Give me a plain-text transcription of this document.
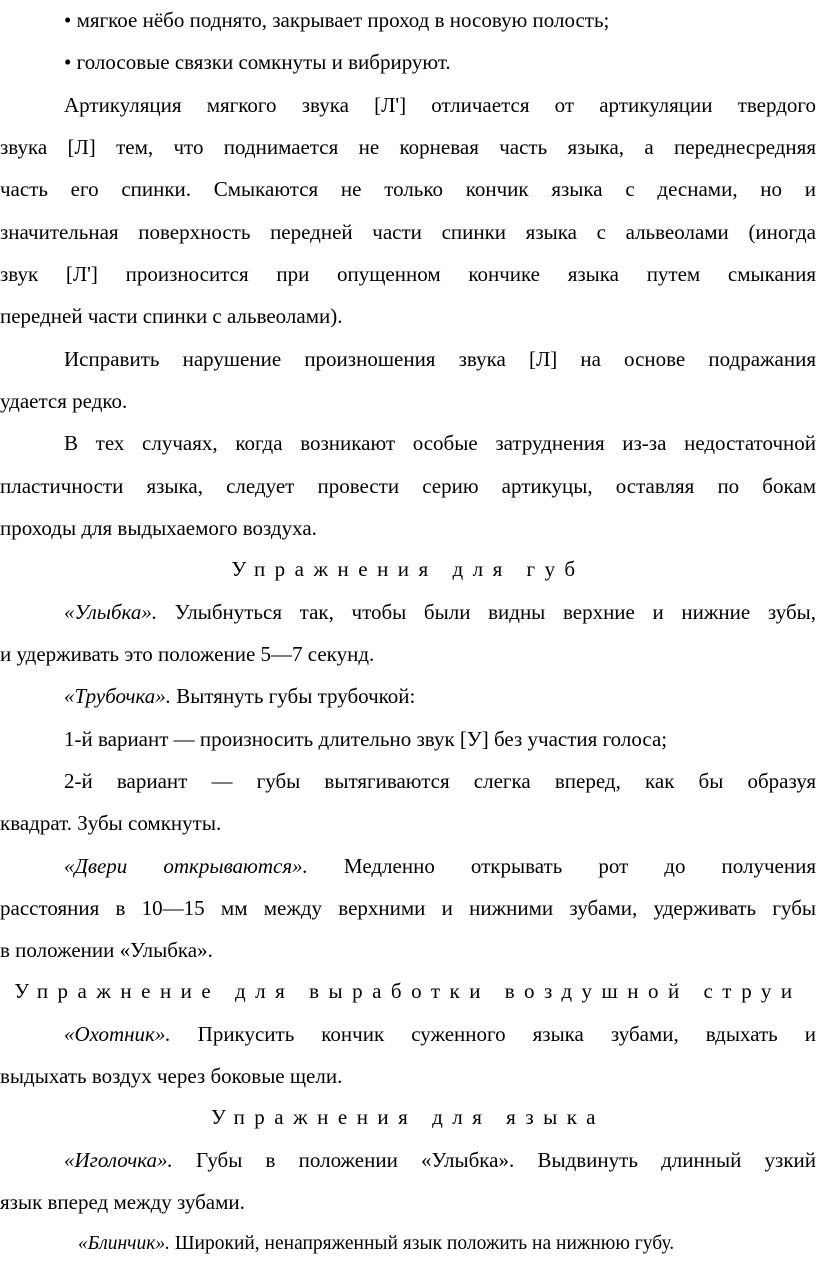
• мягкое нёбо поднято, закрывает проход в носовую полость;
• голосовые связки сомкнуты и вибрируют.
Артикуляция мягкого звука [Л'] отличается от артикуляции твердого
звука [Л] тем, что поднимается не корневая часть языка, а переднесредняя
часть его спинки. Смыкаются не только кончик языка с деснами, но и
значительная поверхность передней части спинки языка с альвеолами (иногда
звук [Л'] произносится при опущенном кончике языка путем смыкания
передней части спинки с альвеолами).
Исправить нарушение произношения звука [Л] на основе подражания
удается редко.
В тех случаях, когда возникают особые затруднения из-за недостаточной
пластичности языка, следует провести серию артикуцы, оставляя по бокам
проходы для выдыхаемого воздуха.
Упражнения для губ
«Улыбка». Улыбнуться так, чтобы были видны верхние и нижние зубы,
и удерживать это положение 5—7 секунд.
«Трубочка». Вытянуть губы трубочкой:
1-й вариант — произносить длительно звук [У] без участия голоса;
2-й вариант — губы вытягиваются слегка вперед, как бы образуя
квадрат. Зубы сомкнуты.
«Двери открываются». Медленно открывать рот до получения
расстояния в 10—15 мм между верхними и нижними зубами, удерживать губы
в положении «Улыбка».
Упражнение для выработки воздушной струи
«Охотник». Прикусить кончик суженного языка зубами, вдыхать и
выдыхать воздух через боковые щели.
Упражнения для языка
«Иголочка». Губы в положении «Улыбка». Выдвинуть длинный узкий
язык вперед между зубами.
«Блинчик». Широкий, ненапряженный язык положить на нижнюю губу.
